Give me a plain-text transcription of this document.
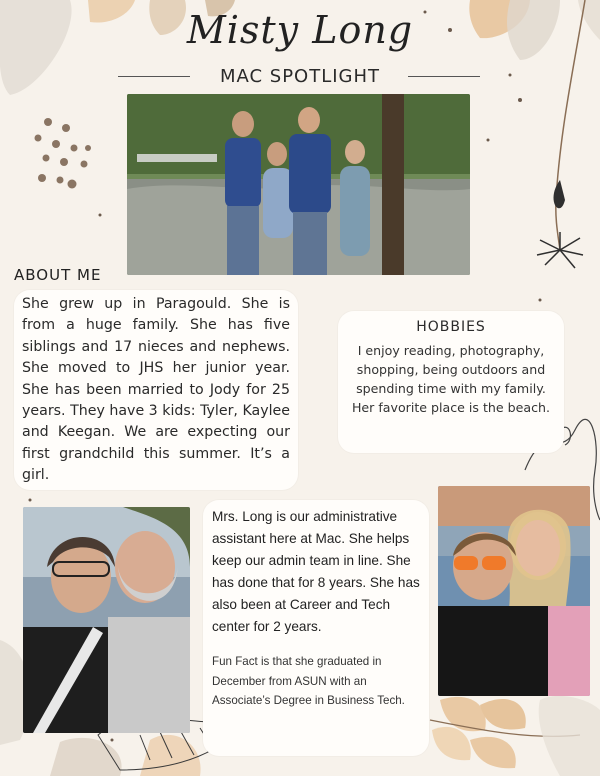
Misty Long
MAC SPOTLIGHT
ABOUT ME
She grew up in Paragould. She is from a huge family. She has five siblings and 17 nieces and nephews. She moved to JHS her junior year. She has been married to Jody for 25 years. They have 3 kids: Tyler, Kaylee and Keegan. We are expecting our first grandchild this summer. It’s a girl.
HOBBIES
I enjoy reading, photography, shopping, being outdoors and spending time with my family. Her favorite place is the beach.
Mrs. Long is our administrative assistant here at Mac. She helps keep our admin team in line. She has done that for 8 years. She has also been at Career and Tech center for 2 years.
Fun Fact is that she graduated in December from ASUN with an Associate’s Degree in Business Tech.
